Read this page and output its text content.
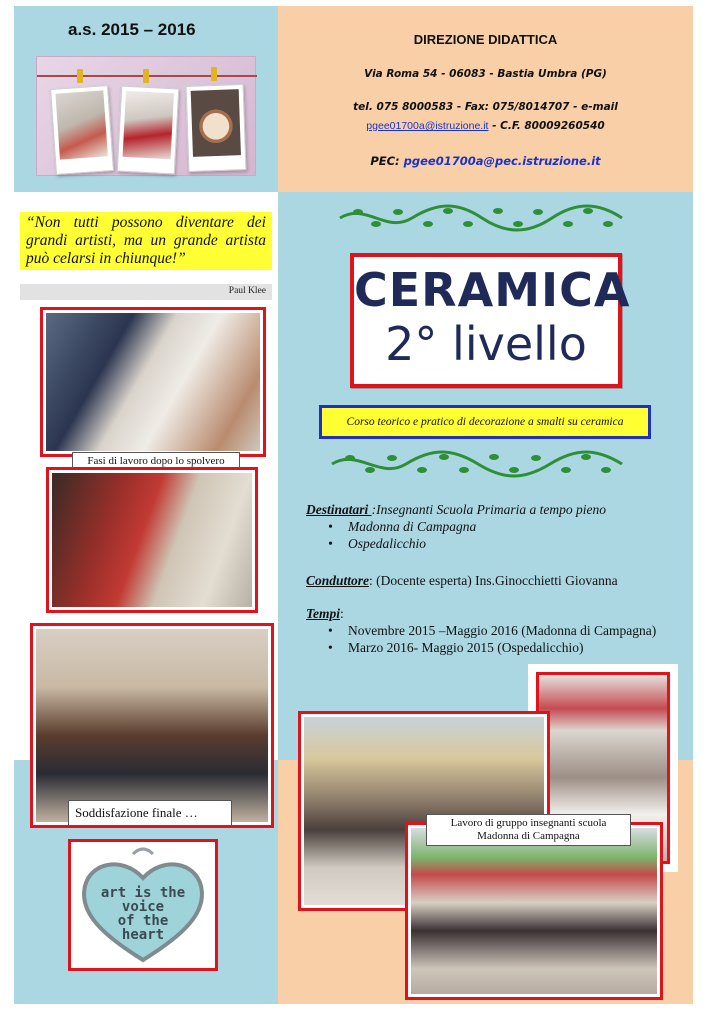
a.s. 2015 – 2016
DIREZIONE DIDATTICA
Via Roma 54 - 06083 - Bastia Umbra (PG)
tel. 075 8000583 - Fax: 075/8014707 - e-mail
pgee01700a@istruzione.it - C.F. 80009260540
PEC: pgee01700a@pec.istruzione.it
“Non tutti possono diventare dei grandi artisti, ma un grande artista può celarsi in chiunque!”
Paul Klee
Fasi di lavoro dopo lo spolvero
Soddisfazione finale …
art is the
voice
of the
heart
CERAMICA
2° livello
Corso teorico e pratico di decorazione a smalti su ceramica
Destinatari :Insegnanti Scuola Primaria a tempo pieno
• Madonna di Campagna
• Ospedalicchio
Conduttore: (Docente esperta) Ins.Ginocchietti Giovanna
Tempi:
• Novembre 2015 –Maggio 2016 (Madonna di Campagna)
• Marzo 2016- Maggio 2015 (Ospedalicchio)
Lavoro di gruppo insegnanti scuola Madonna di Campagna
